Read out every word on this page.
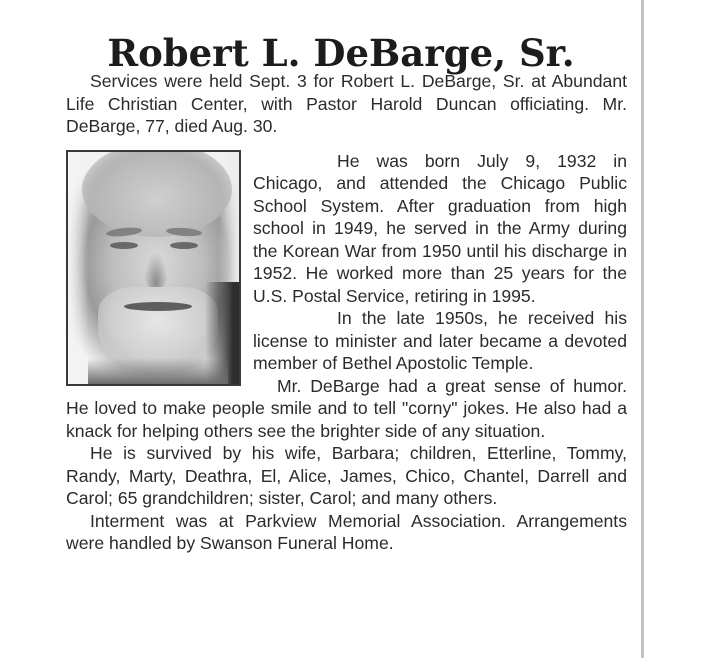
Robert L. DeBarge, Sr.

Services were held Sept. 3 for Robert L. DeBarge, Sr. at Abundant Life Christian Center, with Pastor Harold Duncan officiating. Mr. DeBarge, 77, died Aug. 30.

He was born July 9, 1932 in Chicago, and attended the Chicago Public School System. After graduation from high school in 1949, he served in the Army during the Korean War from 1950 until his discharge in 1952. He worked more than 25 years for the U.S. Postal Service, retiring in 1995.

In the late 1950s, he received his license to minister and later became a devoted member of Bethel Apostolic Temple.

Mr. DeBarge had a great sense of humor. He loved to make people smile and to tell "corny" jokes. He also had a knack for helping others see the brighter side of any situation.

He is survived by his wife, Barbara; children, Etterline, Tommy, Randy, Marty, Deathra, El, Alice, James, Chico, Chantel, Darrell and Carol; 65 grandchildren; sister, Carol; and many others.

Interment was at Parkview Memorial Association. Arrangements were handled by Swanson Funeral Home.
